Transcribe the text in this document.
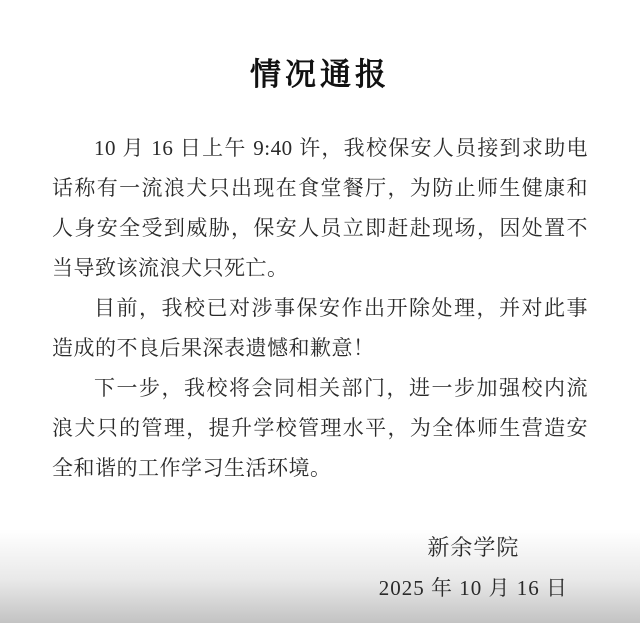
情况通报

10 月 16 日上午 9:40 许，我校保安人员接到求助电话称有一流浪犬只出现在食堂餐厅，为防止师生健康和人身安全受到威胁，保安人员立即赶赴现场，因处置不当导致该流浪犬只死亡。

目前，我校已对涉事保安作出开除处理，并对此事造成的不良后果深表遗憾和歉意！

下一步，我校将会同相关部门，进一步加强校内流浪犬只的管理，提升学校管理水平，为全体师生营造安全和谐的工作学习生活环境。

新余学院
2025 年 10 月 16 日
